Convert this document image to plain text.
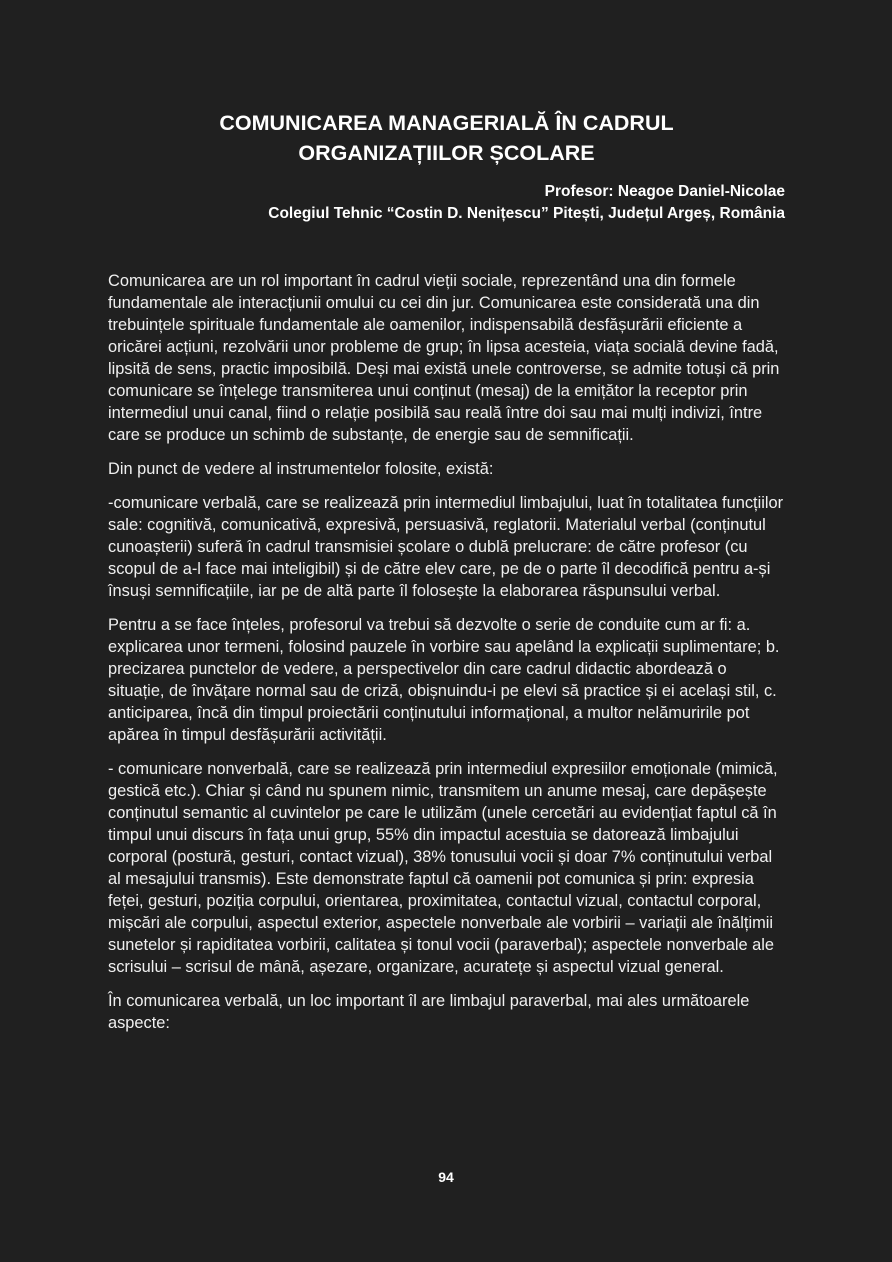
COMUNICAREA MANAGERIALĂ ÎN CADRUL
ORGANIZAȚIILOR ȘCOLARE
Profesor: Neagoe Daniel-Nicolae
Colegiul Tehnic “Costin D. Nenițescu” Pitești, Județul Argeș, România

Comunicarea are un rol important în cadrul vieții sociale, reprezentând una din formele fundamentale ale interacțiunii omului cu cei din jur. Comunicarea este considerată una din trebuințele spirituale fundamentale ale oamenilor, indispensabilă desfășurării eficiente a oricărei acțiuni, rezolvării unor probleme de grup; în lipsa acesteia, viața socială devine fadă, lipsită de sens, practic imposibilă. Deși mai există unele controverse, se admite totuși că prin comunicare se înțelege transmiterea unui conținut (mesaj) de la emițător la receptor prin intermediul unui canal, fiind o relație posibilă sau reală între doi sau mai mulți indivizi, între care se produce un schimb de substanțe, de energie sau de semnificații.

Din punct de vedere al instrumentelor folosite, există:

-comunicare verbală, care se realizează prin intermediul limbajului, luat în totalitatea funcțiilor sale: cognitivă, comunicativă, expresivă, persuasivă, reglatorii. Materialul verbal (conținutul cunoașterii) suferă în cadrul transmisiei școlare o dublă prelucrare: de către profesor (cu scopul de a-l face mai inteligibil) și de către elev care, pe de o parte îl decodifică pentru a-și însuși semnificațiile, iar pe de altă parte îl folosește la elaborarea răspunsului verbal.

Pentru a se face înțeles, profesorul va trebui să dezvolte o serie de conduite cum ar fi: a. explicarea unor termeni, folosind pauzele în vorbire sau apelând la explicații suplimentare; b. precizarea punctelor de vedere, a perspectivelor din care cadrul didactic abordează o situație, de învățare normal sau de criză, obișnuindu-i pe elevi să practice și ei același stil, c. anticiparea, încă din timpul proiectării conținutului informațional, a multor nelămuririle pot apărea în timpul desfășurării activității.

- comunicare nonverbală, care se realizează prin intermediul expresiilor emoționale (mimică, gestică etc.). Chiar și când nu spunem nimic, transmitem un anume mesaj, care depășește conținutul semantic al cuvintelor pe care le utilizăm (unele cercetări au evidențiat faptul că în timpul unui discurs în fața unui grup, 55% din impactul acestuia se datorează limbajului corporal (postură, gesturi, contact vizual), 38% tonusului vocii și doar 7% conținutului verbal al mesajului transmis). Este demonstrate faptul că oamenii pot comunica și prin: expresia feței, gesturi, poziția corpului, orientarea, proximitatea, contactul vizual, contactul corporal, mișcări ale corpului, aspectul exterior, aspectele nonverbale ale vorbirii – variații ale înălțimii sunetelor și rapiditatea vorbirii, calitatea și tonul vocii (paraverbal); aspectele nonverbale ale scrisului – scrisul de mână, așezare, organizare, acuratețe și aspectul vizual general.

În comunicarea verbală, un loc important îl are limbajul paraverbal, mai ales următoarele aspecte:

94
